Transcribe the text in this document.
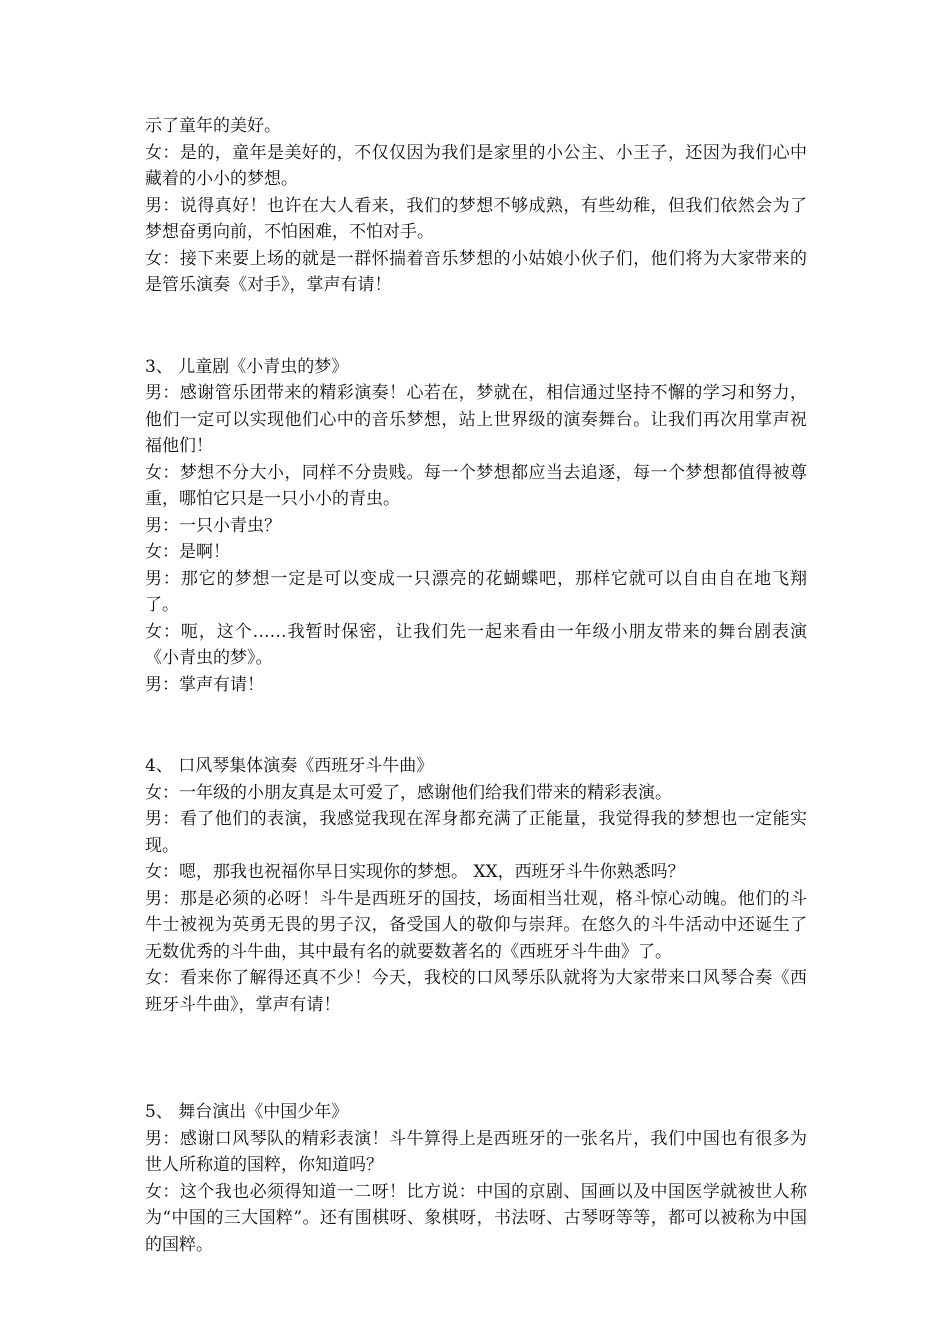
示了童年的美好。

女：是的，童年是美好的，不仅仅因为我们是家里的小公主、小王子，还因为我们心中藏着的小小的梦想。

男：说得真好！也许在大人看来，我们的梦想不够成熟，有些幼稚，但我们依然会为了梦想奋勇向前，不怕困难，不怕对手。

女：接下来要上场的就是一群怀揣着音乐梦想的小姑娘小伙子们，他们将为大家带来的是管乐演奏《对手》，掌声有请！

3、 儿童剧《小青虫的梦》

男：感谢管乐团带来的精彩演奏！心若在，梦就在，相信通过坚持不懈的学习和努力，他们一定可以实现他们心中的音乐梦想，站上世界级的演奏舞台。让我们再次用掌声祝福他们！

女：梦想不分大小，同样不分贵贱。每一个梦想都应当去追逐，每一个梦想都值得被尊重，哪怕它只是一只小小的青虫。

男：一只小青虫？

女：是啊！

男：那它的梦想一定是可以变成一只漂亮的花蝴蝶吧，那样它就可以自由自在地飞翔了。

女：呃，这个……我暂时保密，让我们先一起来看由一年级小朋友带来的舞台剧表演《小青虫的梦》。

男：掌声有请！

4、 口风琴集体演奏《西班牙斗牛曲》

女：一年级的小朋友真是太可爱了，感谢他们给我们带来的精彩表演。

男：看了他们的表演，我感觉我现在浑身都充满了正能量，我觉得我的梦想也一定能实现。

女：嗯，那我也祝福你早日实现你的梦想。 XX，西班牙斗牛你熟悉吗？

男：那是必须的必呀！斗牛是西班牙的国技，场面相当壮观，格斗惊心动魄。他们的斗牛士被视为英勇无畏的男子汉，备受国人的敬仰与崇拜。在悠久的斗牛活动中还诞生了无数优秀的斗牛曲，其中最有名的就要数著名的《西班牙斗牛曲》了。

女：看来你了解得还真不少！今天，我校的口风琴乐队就将为大家带来口风琴合奏《西班牙斗牛曲》，掌声有请！

5、 舞台演出《中国少年》

男：感谢口风琴队的精彩表演！斗牛算得上是西班牙的一张名片，我们中国也有很多为世人所称道的国粹，你知道吗？

女：这个我也必须得知道一二呀！比方说：中国的京剧、国画以及中国医学就被世人称为“中国的三大国粹”。还有围棋呀、象棋呀，书法呀、古琴呀等等，都可以被称为中国的国粹。
